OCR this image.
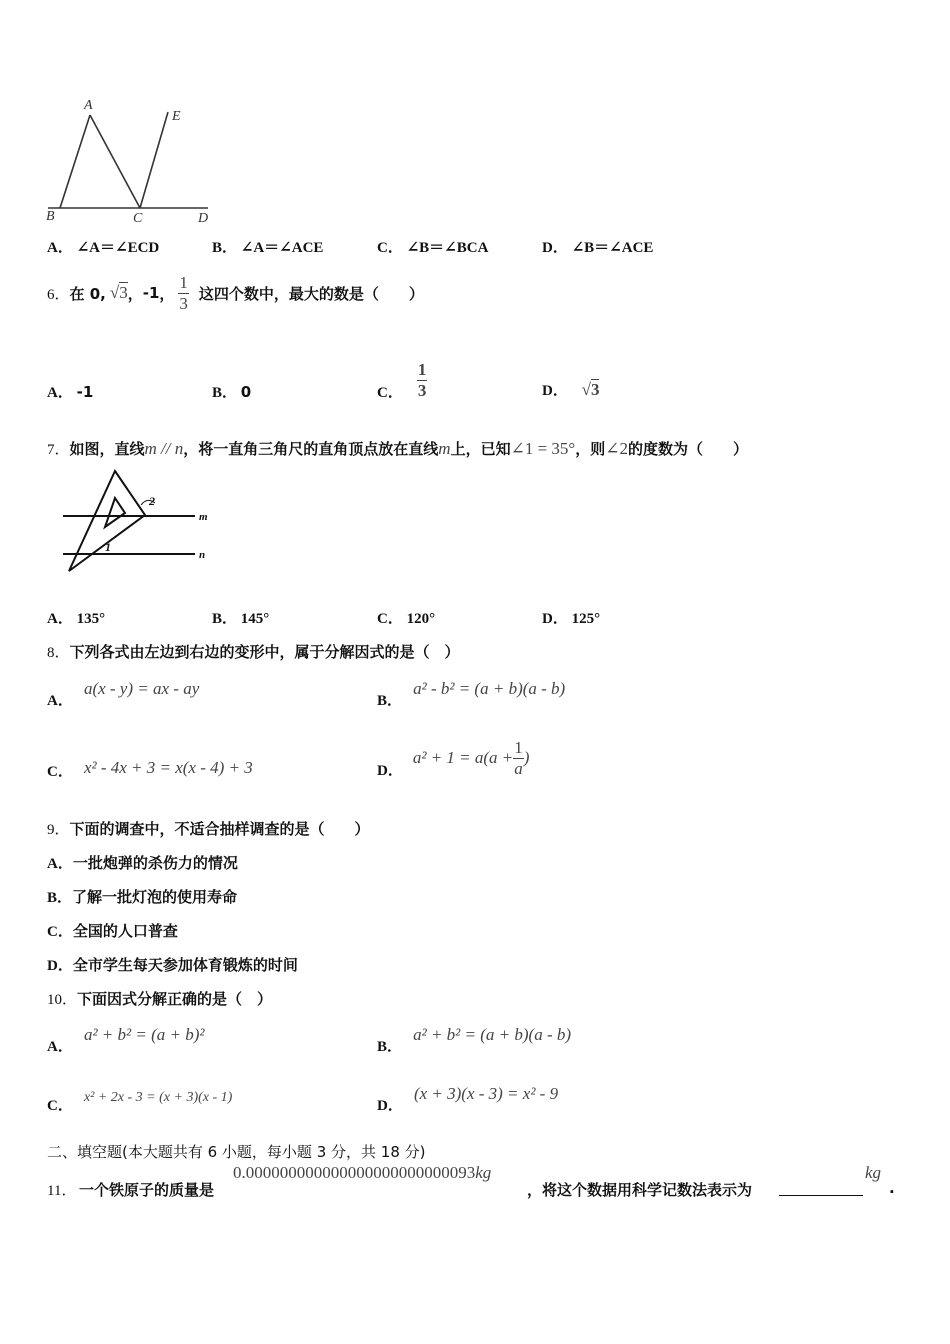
A
E
B	C	D
A． ∠A＝∠ECD	B． ∠A＝∠ACE	C． ∠B＝∠BCA	D． ∠B＝∠ACE
6． 在 0, √3 ， -1 ， $\frac{1}{3}$ 这四个数中，最大的数是（　　）
A． -1	B． 0	C． $\frac{1}{3}$	D． √3
7． 如图，直线 m // n ，将一直角三角尺的直角顶点放在直线 m 上，已知 ∠1 = 35° ，则 ∠2 的度数为（　　）
2
1
m
n
A． 135°	B． 145°	C． 120°	D． 125°
8．下列各式由左边到右边的变形中，属于分解因式的是（　）
A． a(x - y) = ax - ay
B． a² - b² = (a + b)(a - b)
C． x² - 4x + 3 = x(x - 4) + 3	D．
$a^2 + 1 = a(a + \frac{1}{a}$ )
9．下面的调查中，不适合抽样调查的是（　　）
A．一批炮弹的杀伤力的情况
B．了解一批灯泡的使用寿命
C．全国的人口普查
D．全市学生每天参加体育锻炼的时间
10．下面因式分解正确的是（　）
A． a² + b² = (a + b)²
B． a² + b² = (a + b)(a - b)
C． x² + 2x - 3 = (x + 3)(x - 1)
D． (x + 3)(x - 3) = x² - 9
二、填空题(本大题共有 6 小题，每小题 3 分，共 18 分)
11． 一个铁原子的质量是
0.000000000000000000000000093kg
，将这个数据用科学记数法表示为
kg
.
